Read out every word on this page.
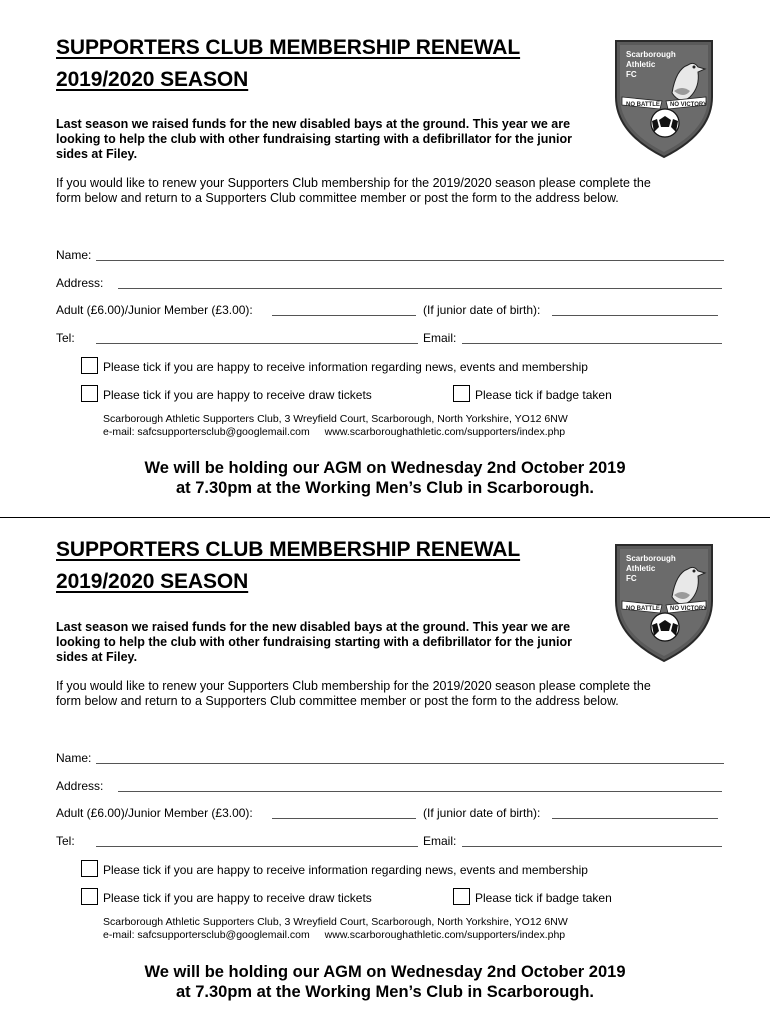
SUPPORTERS CLUB MEMBERSHIP RENEWAL
2019/2020 SEASON
Scarborough
Athletic
FC
NO BATTLE NO VICTORY

Last season we raised funds for the new disabled bays at the ground. This year we are looking to help the club with other fundraising starting with a defibrillator for the junior sides at Filey.

If you would like to renew your Supporters Club membership for the 2019/2020 season please complete the form below and return to a Supporters Club committee member or post the form to the address below.

Name:
Address:
Adult (£6.00)/Junior Member (£3.00):	(If junior date of birth):
Tel:	Email:
Please tick if you are happy to receive information regarding news, events and membership
Please tick if you are happy to receive draw tickets	Please tick if badge taken
Scarborough Athletic Supporters Club, 3 Wreyfield Court, Scarborough, North Yorkshire, YO12 6NW
e-mail: safcsupportersclub@googlemail.com www.scarboroughathletic.com/supporters/index.php
We will be holding our AGM on Wednesday 2nd October 2019
at 7.30pm at the Working Men’s Club in Scarborough.
SUPPORTERS CLUB MEMBERSHIP RENEWAL
2019/2020 SEASON
Scarborough
Athletic
FC
NO BATTLE NO VICTORY

Last season we raised funds for the new disabled bays at the ground. This year we are looking to help the club with other fundraising starting with a defibrillator for the junior sides at Filey.

If you would like to renew your Supporters Club membership for the 2019/2020 season please complete the form below and return to a Supporters Club committee member or post the form to the address below.

Name:
Address:
Adult (£6.00)/Junior Member (£3.00):	(If junior date of birth):
Tel:	Email:
Please tick if you are happy to receive information regarding news, events and membership
Please tick if you are happy to receive draw tickets	Please tick if badge taken
Scarborough Athletic Supporters Club, 3 Wreyfield Court, Scarborough, North Yorkshire, YO12 6NW
e-mail: safcsupportersclub@googlemail.com www.scarboroughathletic.com/supporters/index.php
We will be holding our AGM on Wednesday 2nd October 2019
at 7.30pm at the Working Men’s Club in Scarborough.
